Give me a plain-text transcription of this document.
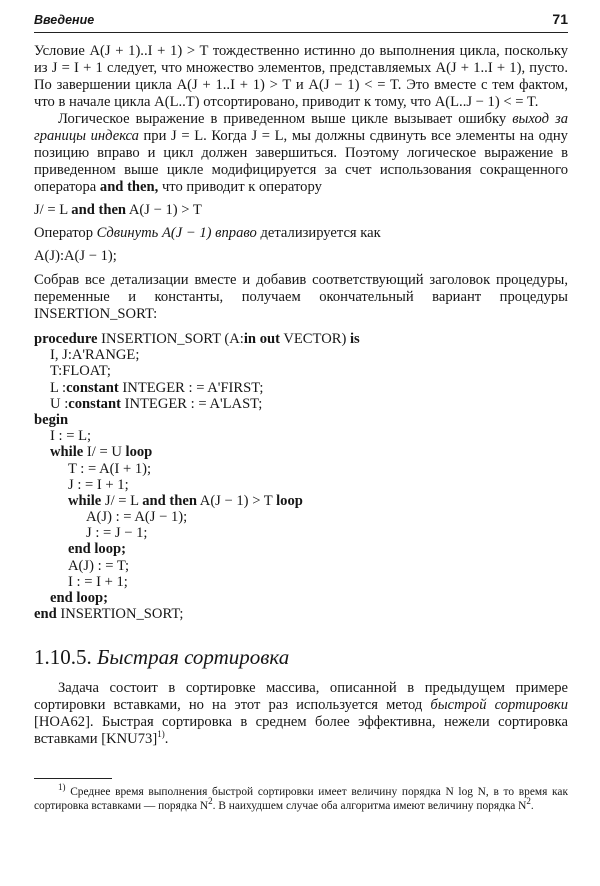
Введение	71

Условие A(J + 1)..I + 1) > T тождественно истинно до выполнения цикла, поскольку из J = I + 1 следует, что множество элементов, представляемых A(J + 1..I + 1), пусто. По завершении цикла A(J + 1..I + 1) > T и A(J − 1) < = T. Это вместе с тем фактом, что в начале цикла A(L..T) отсортировано, приводит к тому, что A(L..J − 1) < = T.

Логическое выражение в приведенном выше цикле вызывает ошибку выход за границы индекса при J = L. Когда J = L, мы должны сдвинуть все элементы на одну позицию вправо и цикл должен завершиться. Поэтому логическое выражение в приведенном выше цикле модифицируется за счет использования сокращенного оператора and then, что приводит к оператору

J/ = L and then A(J − 1) > T

Оператор Сдвинуть A(J − 1) вправо детализируется как

A(J):A(J − 1);

Собрав все детализации вместе и добавив соответствующий заголовок процедуры, переменные и константы, получаем окончательный вариант процедуры INSERTION_SORT:

procedure INSERTION_SORT (A:in out VECTOR) is
I, J:A'RANGE;
T:FLOAT;
L :constant INTEGER : = A'FIRST;
U :constant INTEGER : = A'LAST;
begin
I : = L;
while I/ = U loop
T : = A(I + 1);
J : = I + 1;
while J/ = L and then A(J − 1) > T loop
A(J) : = A(J − 1);
J : = J − 1;
end loop;
A(J) : = T;
I : = I + 1;
end loop;
end INSERTION_SORT;
1.10.5. Быстрая сортировка

Задача состоит в сортировке массива, описанной в предыдущем примере сортировки вставками, но на этот раз используется метод быстрой сортировки [HOA62]. Быстрая сортировка в среднем более эффективна, нежели сортировка вставками $[KNU73]^{1)}$.

$^{1)}$ Среднее время выполнения быстрой сортировки имеет величину порядка N log N, в то время как сортировка вставками — порядка $N^2$. В наихудшем случае оба алгоритма имеют величину порядка $N^2$.
